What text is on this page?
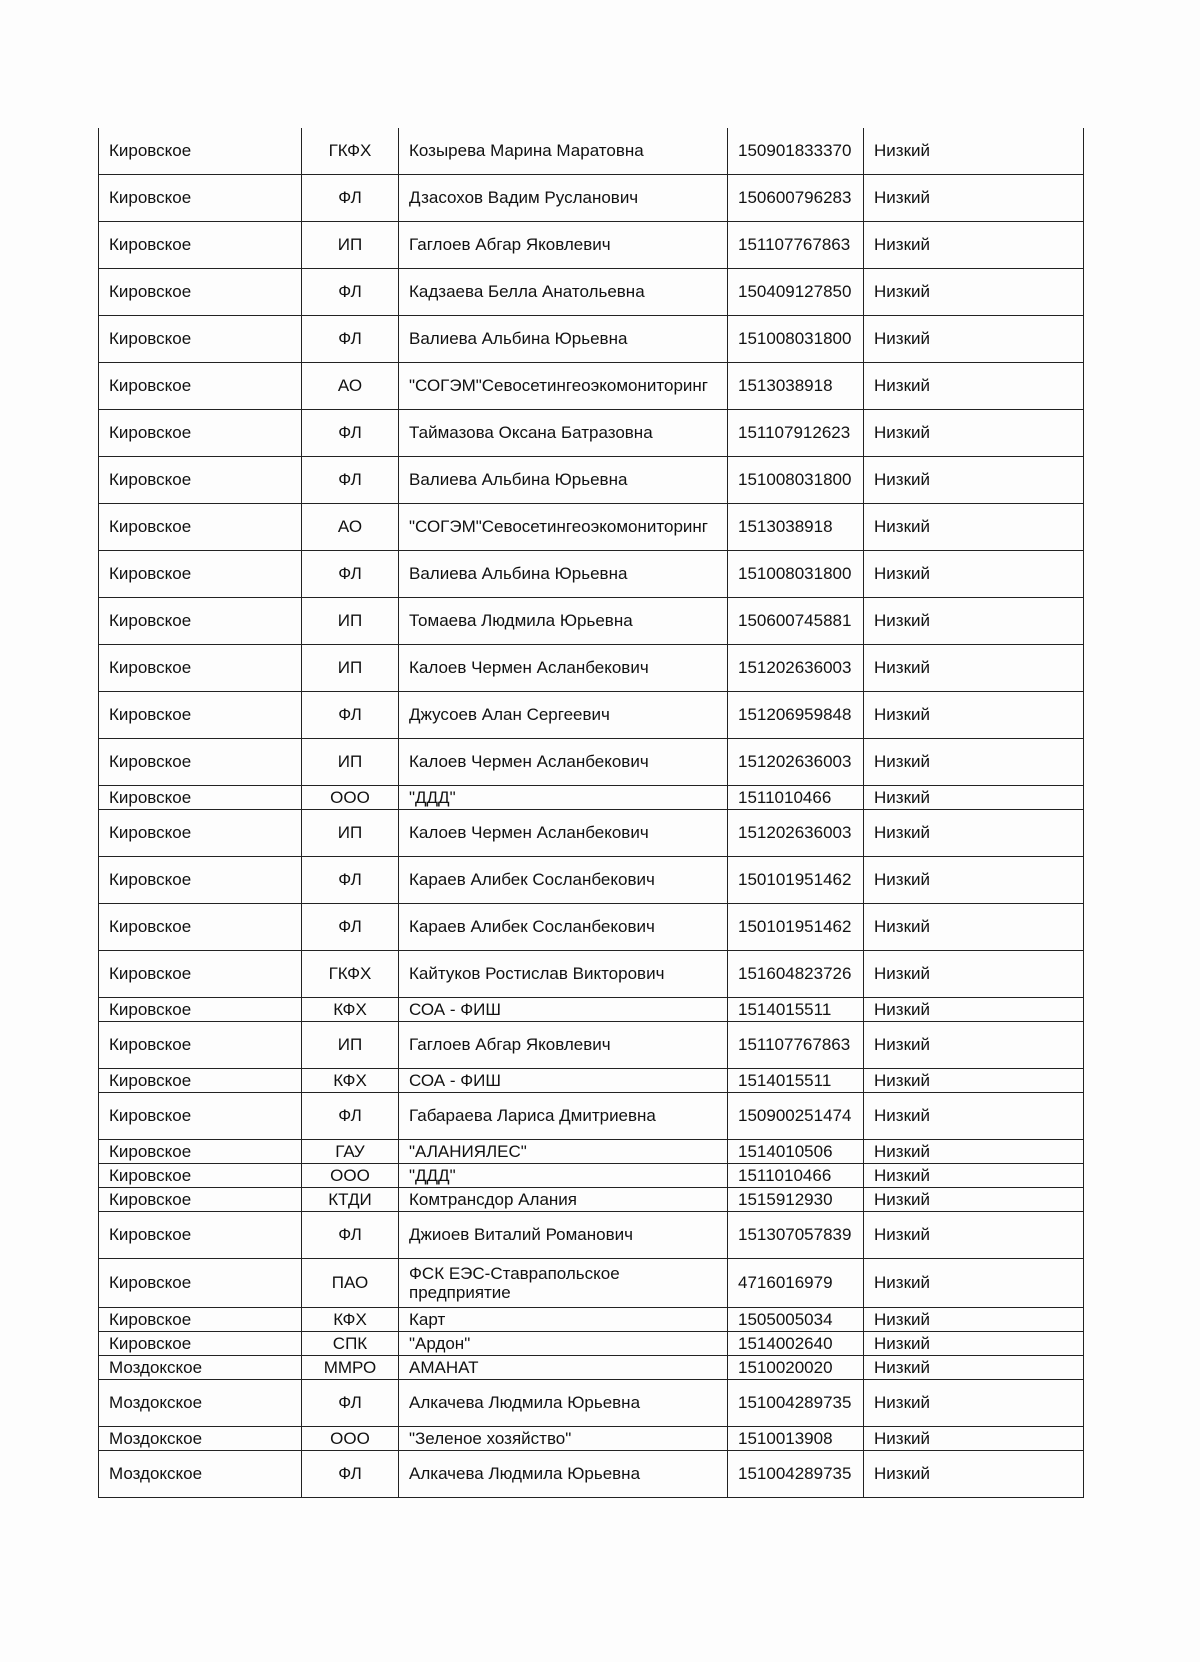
Кировское	ГКФХ	Козырева Марина Маратовна	150901833370	Низкий
Кировское	ФЛ	Дзасохов Вадим Русланович	150600796283	Низкий
Кировское	ИП	Гаглоев Абгар Яковлевич	151107767863	Низкий
Кировское	ФЛ	Кадзаева Белла Анатольевна	150409127850	Низкий
Кировское	ФЛ	Валиева Альбина Юрьевна	151008031800	Низкий
Кировское	АО	"СОГЭМ"Севосетингеоэкомониторинг	1513038918	Низкий
Кировское	ФЛ	Таймазова Оксана Батразовна	151107912623	Низкий
Кировское	ФЛ	Валиева Альбина Юрьевна	151008031800	Низкий
Кировское	АО	"СОГЭМ"Севосетингеоэкомониторинг	1513038918	Низкий
Кировское	ФЛ	Валиева Альбина Юрьевна	151008031800	Низкий
Кировское	ИП	Томаева Людмила Юрьевна	150600745881	Низкий
Кировское	ИП	Калоев Чермен Асланбекович	151202636003	Низкий
Кировское	ФЛ	Джусоев Алан Сергеевич	151206959848	Низкий
Кировское	ИП	Калоев Чермен Асланбекович	151202636003	Низкий
Кировское	ООО	"ДДД"	1511010466	Низкий
Кировское	ИП	Калоев Чермен Асланбекович	151202636003	Низкий
Кировское	ФЛ	Караев Алибек Сосланбекович	150101951462	Низкий
Кировское	ФЛ	Караев Алибек Сосланбекович	150101951462	Низкий
Кировское	ГКФХ	Кайтуков Ростислав Викторович	151604823726	Низкий
Кировское	КФХ	СОА - ФИШ	1514015511	Низкий
Кировское	ИП	Гаглоев Абгар Яковлевич	151107767863	Низкий
Кировское	КФХ	СОА - ФИШ	1514015511	Низкий
Кировское	ФЛ	Габараева Лариса Дмитриевна	150900251474	Низкий
Кировское	ГАУ	"АЛАНИЯЛЕС"	1514010506	Низкий
Кировское	ООО	"ДДД"	1511010466	Низкий
Кировское	КТДИ	Комтрансдор Алания	1515912930	Низкий
Кировское	ФЛ	Джиоев Виталий Романович	151307057839	Низкий
Кировское	ПАО	ФСК ЕЭС-Ставрапольское предприятие	4716016979	Низкий
Кировское	КФХ	Карт	1505005034	Низкий
Кировское	СПК	"Ардон"	1514002640	Низкий
Моздокское	ММРО	АМАНАТ	1510020020	Низкий
Моздокское	ФЛ	Алкачева Людмила Юрьевна	151004289735	Низкий
Моздокское	ООО	"Зеленое хозяйство"	1510013908	Низкий
Моздокское	ФЛ	Алкачева Людмила Юрьевна	151004289735	Низкий
